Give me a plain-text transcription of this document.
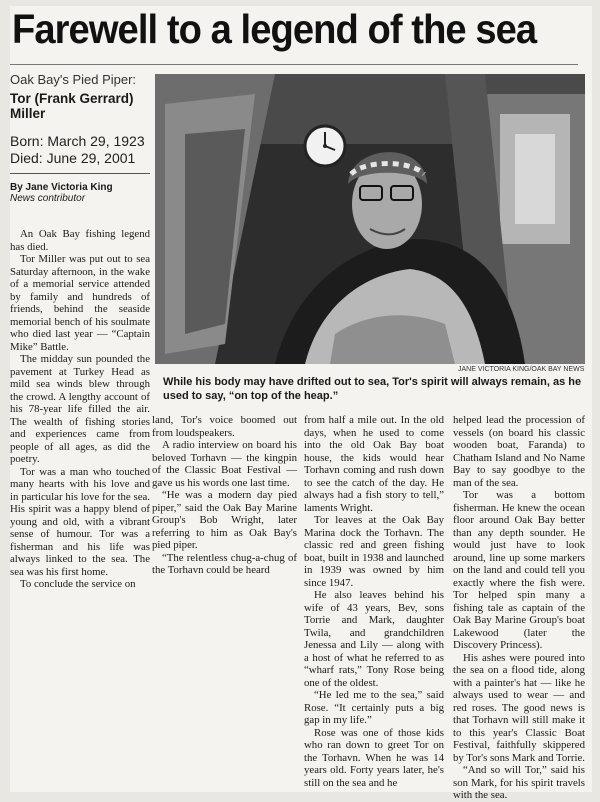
Farewell to a legend of the sea
Oak Bay's Pied Piper:
Tor (Frank Gerrard)
Miller
Born: March 29, 1923
Died: June 29, 2001
By Jane Victoria King
News contributor
JANE VICTORIA KING/OAK BAY NEWS
While his body may have drifted out to sea, Tor's spirit will always remain, as he used to say, “on top of the heap.”

An Oak Bay fishing legend has died.

Tor Miller was put out to sea Saturday afternoon, in the wake of a memorial service attended by family and hundreds of friends, behind the seaside memorial bench of his soulmate who died last year — “Captain Mike” Battle.

The midday sun pounded the pavement at Turkey Head as mild sea winds blew through the crowd. A lengthy account of his 78-year life filled the air. The wealth of fishing stories and experiences came from people of all ages, as did the poetry.

Tor was a man who touched many hearts with his love and in particular his love for the sea. His spirit was a happy blend of young and old, with a vibrant sense of humour. Tor was a fisherman and his life was always linked to the sea. The sea was his first home.

To conclude the service on

land, Tor's voice boomed out from loudspeakers.

A radio interview on board his beloved Torhavn — the kingpin of the Classic Boat Festival — gave us his words one last time.

“He was a modern day pied piper,” said the Oak Bay Marine Group's Bob Wright, later referring to him as Oak Bay's pied piper.

“The relentless chug-a-chug of the Torhavn could be heard

from half a mile out. In the old days, when he used to come into the old Oak Bay boat house, the kids would hear Torhavn coming and rush down to see the catch of the day. He always had a fish story to tell,” laments Wright.

Tor leaves at the Oak Bay Marina dock the Torhavn. The classic red and green fishing boat, built in 1938 and launched in 1939 was owned by him since 1947.

He also leaves behind his wife of 43 years, Bev, sons Torrie and Mark, daughter Twila, and grandchildren Jenessa and Lily — along with a host of what he referred to as “wharf rats,” Tony Rose being one of the oldest.

“He led me to the sea,” said Rose. “It certainly puts a big gap in my life.”

Rose was one of those kids who ran down to greet Tor on the Torhavn. When he was 14 years old. Forty years later, he's still on the sea and he

helped lead the procession of vessels (on board his classic wooden boat, Faranda) to Chatham Island and No Name Bay to say goodbye to the man of the sea.

Tor was a bottom fisherman. He knew the ocean floor around Oak Bay better than any depth sounder. He would just have to look around, line up some markers on the land and could tell you exactly where the fish were. Tor helped spin many a fishing tale as captain of the Oak Bay Marine Group's boat Lakewood (later the Discovery Princess).

His ashes were poured into the sea on a flood tide, along with a painter's hat — like he always used to wear — and red roses. The good news is that Torhavn will still make it to this year's Classic Boat Festival, faithfully skippered by Tor's sons Mark and Torrie.

“And so will Tor,” said his son Mark, for his spirit travels with the sea.
